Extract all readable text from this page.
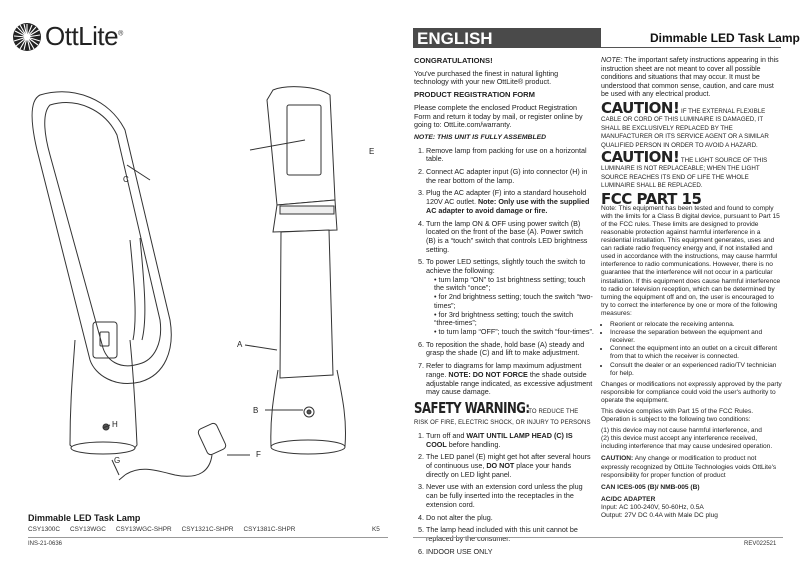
OttLite®
C
E
A
B
H
F
G
Dimmable LED Task Lamp
CSY1300C CSY13WGC CSY13WGC-SHPR CSY1321C-SHPR CSY1381C-SHPR	K5
INS-21-0636
ENGLISH	Dimmable LED Task Lamp

CONGRATULATIONS!

You've purchased the finest in natural lighting technology with your new OttLite® product.

PRODUCT REGISTRATION FORM

Please complete the enclosed Product Registration Form and return it today by mail, or register online by going to: OttLite.com/warranty.

NOTE: THIS UNIT IS FULLY ASSEMBLED

1. Remove lamp from packing for use on a horizontal table.
2. Connect AC adapter input (G) into connector (H) in the rear bottom of the lamp.
3. Plug the AC adapter (F) into a standard household 120V AC outlet. Note: Only use with the supplied AC adapter to avoid damage or fire.
4. Turn the lamp ON & OFF using power switch (B) located on the front of the base (A). Power switch (B) is a “touch” switch that controls LED brightness setting.
5. To power LED settings, slightly touch the switch to achieve the following:
• turn lamp “ON” to 1st brightness setting; touch the switch “once”;
• for 2nd brightness setting; touch the switch “two-times”;
• for 3rd brightness setting; touch the switch “three-times”;
• to turn lamp “OFF”; touch the switch “four-times”.
6. To reposition the shade, hold base (A) steady and grasp the shade (C) and lift to make adjustment.
7. Refer to diagrams for lamp maximum adjustment range. NOTE: DO NOT FORCE the shade outside adjustable range indicated, as excessive adjustment may cause damage.
SAFETY WARNING:TO REDUCE THE RISK OF FIRE, ELECTRIC SHOCK, OR INJURY TO PERSONS
1. Turn off and WAIT UNTIL LAMP HEAD (C) IS COOL before handling.
2. The LED panel (E) might get hot after several hours of continuous use, DO NOT place your hands directly on LED light panel.
3. Never use with an extension cord unless the plug can be fully inserted into the receptacles in the extension cord.
4. Do not alter the plug.
5. The lamp head included with this unit cannot be replaced by the consumer.
6. INDOOR USE ONLY

NOTE: The important safety instructions appearing in this instruction sheet are not meant to cover all possible conditions and situations that may occur. It must be understood that common sense, caution, and care must be used with any electrical product.

CAUTION! IF THE EXTERNAL FLEXIBLE CABLE OR CORD OF THIS LUMINAIRE IS DAMAGED, IT SHALL BE EXCLUSIVELY REPLACED BY THE MANUFACTURER OR ITS SERVICE AGENT OR A SIMILAR QUALIFIED PERSON IN ORDER TO AVOID A HAZARD.

CAUTION! THE LIGHT SOURCE OF THIS LUMINAIRE IS NOT REPLACEABLE; WHEN THE LIGHT SOURCE REACHES ITS END OF LIFE THE WHOLE LUMINAIRE SHALL BE REPLACED.

FCC PART 15

Note: This equipment has been tested and found to comply with the limits for a Class B digital device, pursuant to Part 15 of the FCC rules. These limits are designed to provide reasonable protection against harmful interference in a residential installation. This equipment generates, uses and can radiate radio frequency energy and, if not installed and used in accordance with the instructions, may cause harmful interference to radio communications. However, there is no guarantee that the interference will not occur in a particular installation. If this equipment does cause harmful interference to radio or television reception, which can be determined by turning the equipment off and on, the user is encouraged to try to correct the interference by one or more of the following measures:

• Reorient or relocate the receiving antenna.
• Increase the separation between the equipment and receiver.
• Connect the equipment into an outlet on a circuit different from that to which the receiver is connected.
• Consult the dealer or an experienced radio/TV technician for help.

Changes or modifications not expressly approved by the party responsible for compliance could void the user's authority to operate the equipment.

This device complies with Part 15 of the FCC Rules. Operation is subject to the following two conditions:

(1) this device may not cause harmful interference, and

(2) this device must accept any interference received, including interference that may cause undesired operation.

CAUTION: Any change or modification to product not expressly recognized by OttLite Technologies voids OttLite's responsibility for proper function of product

CAN ICES-005 (B)/ NMB-005 (B)

AC/DC ADAPTER

Input: AC 100-240V, 50-60Hz, 0.5A

Output: 27V DC 0.4A with Male DC plug

REV022521
